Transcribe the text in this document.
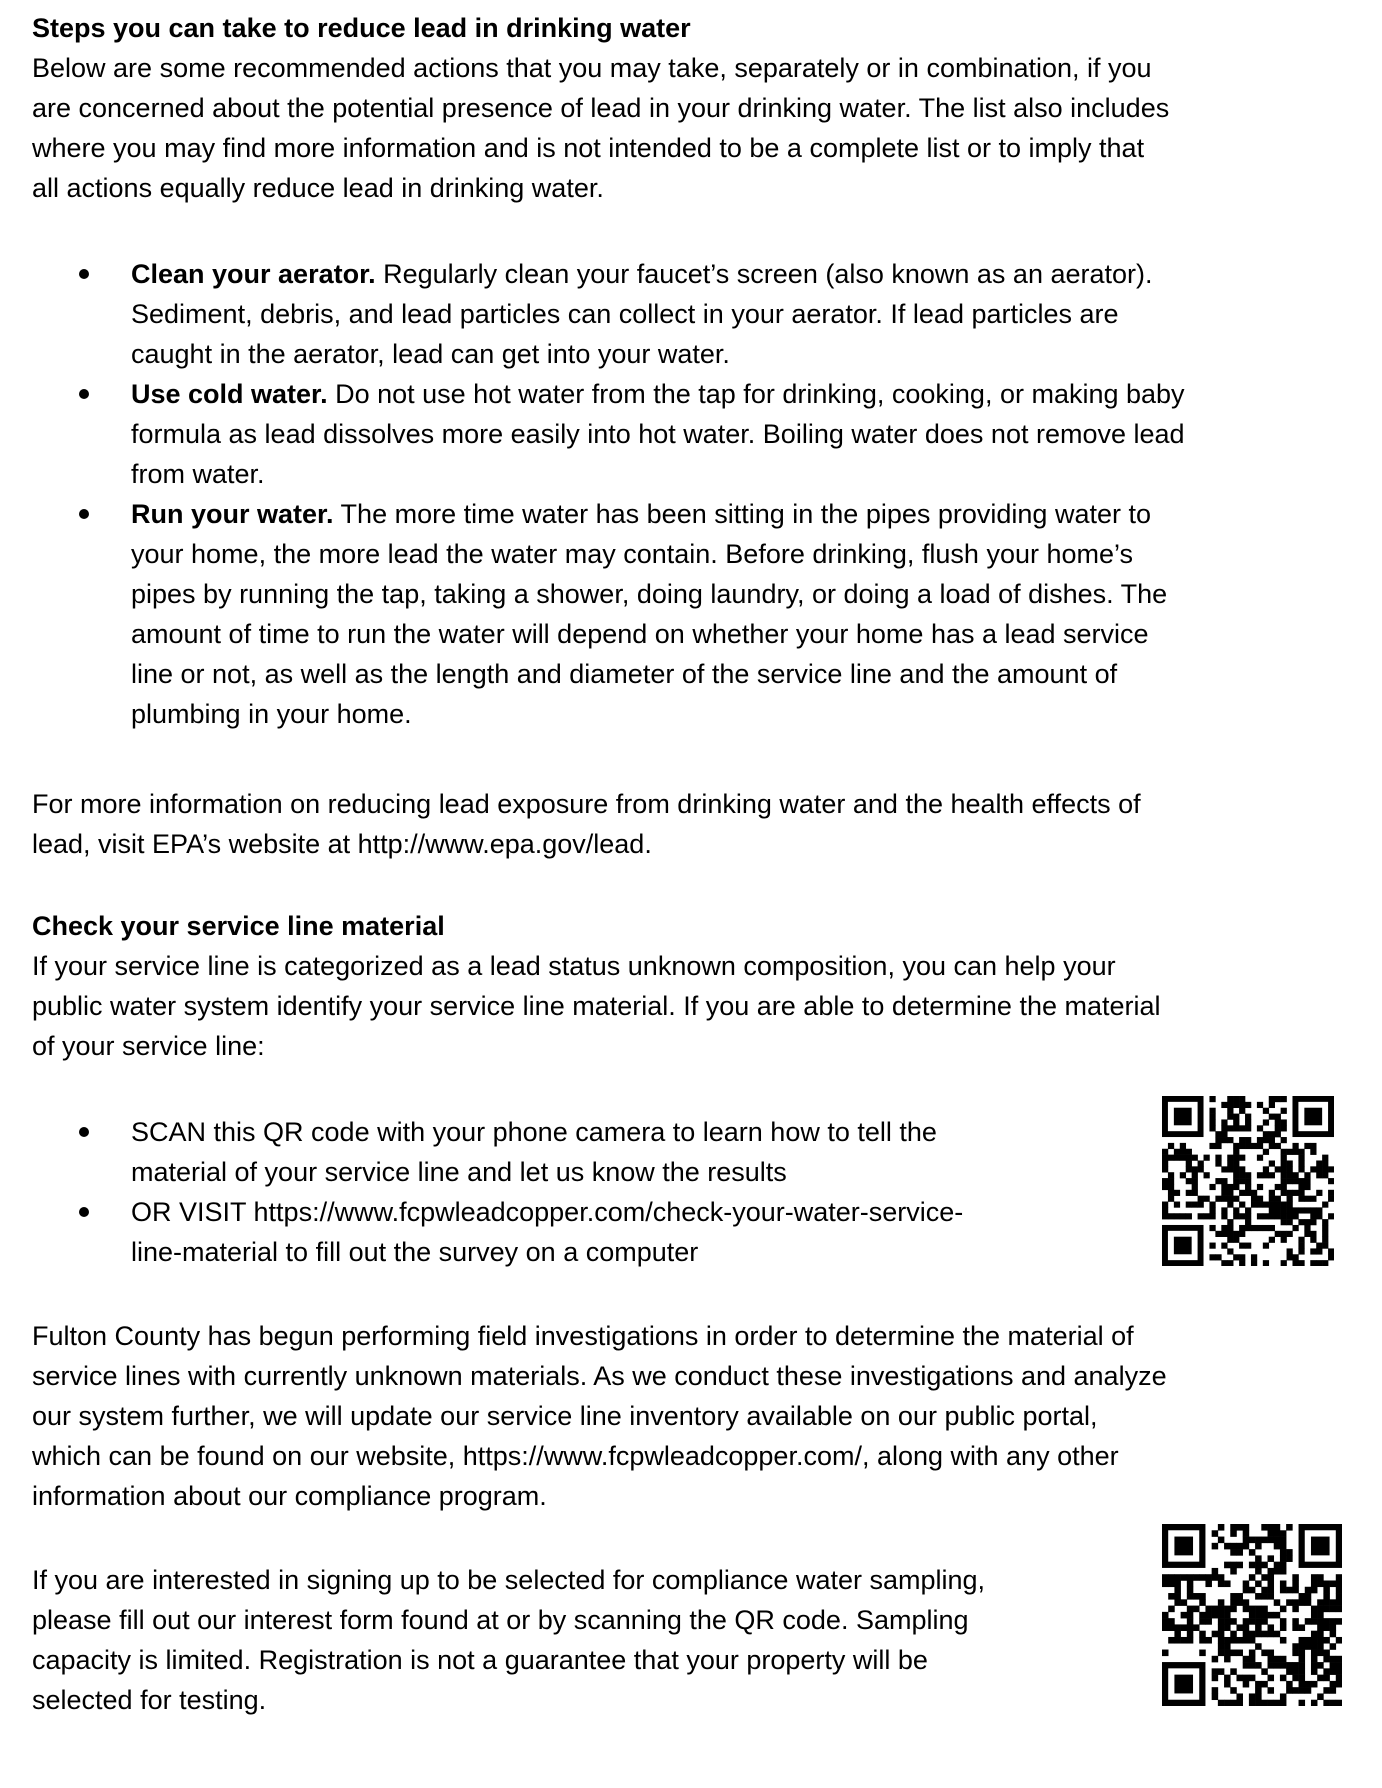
Steps you can take to reduce lead in drinking water

Below are some recommended actions that you may take, separately or in combination, if you

are concerned about the potential presence of lead in your drinking water. The list also includes

where you may find more information and is not intended to be a complete list or to imply that

all actions equally reduce lead in drinking water.

Clean your aerator. Regularly clean your faucet’s screen (also known as an aerator).
Sediment, debris, and lead particles can collect in your aerator. If lead particles are
caught in the aerator, lead can get into your water.
Use cold water. Do not use hot water from the tap for drinking, cooking, or making baby
formula as lead dissolves more easily into hot water. Boiling water does not remove lead
from water.
Run your water. The more time water has been sitting in the pipes providing water to
your home, the more lead the water may contain. Before drinking, flush your home’s
pipes by running the tap, taking a shower, doing laundry, or doing a load of dishes. The
amount of time to run the water will depend on whether your home has a lead service
line or not, as well as the length and diameter of the service line and the amount of
plumbing in your home.

For more information on reducing lead exposure from drinking water and the health effects of

lead, visit EPA’s website at http://www.epa.gov/lead.

Check your service line material

If your service line is categorized as a lead status unknown composition, you can help your

public water system identify your service line material. If you are able to determine the material

of your service line:

SCAN this QR code with your phone camera to learn how to tell the
material of your service line and let us know the results
OR VISIT https://www.fcpwleadcopper.com/check-your-water-service-
line-material to fill out the survey on a computer

Fulton County has begun performing field investigations in order to determine the material of

service lines with currently unknown materials. As we conduct these investigations and analyze

our system further, we will update our service line inventory available on our public portal,

which can be found on our website, https://www.fcpwleadcopper.com/, along with any other

information about our compliance program.

If you are interested in signing up to be selected for compliance water sampling,

please fill out our interest form found at or by scanning the QR code. Sampling

capacity is limited. Registration is not a guarantee that your property will be

selected for testing.
